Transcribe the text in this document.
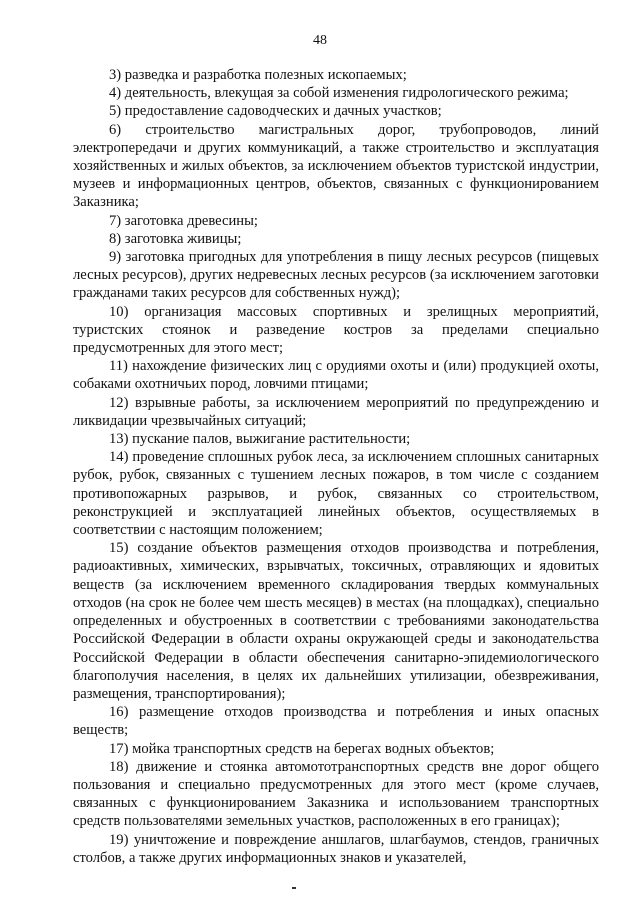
48

3) разведка и разработка полезных ископаемых;

4) деятельность, влекущая за собой изменения гидрологического режима;

5) предоставление садоводческих и дачных участков;

6) строительство магистральных дорог, трубопроводов, линий электропередачи и других коммуникаций, а также строительство и эксплуатация хозяйственных и жилых объектов, за исключением объектов туристской индустрии, музеев и информационных центров, объектов, связанных с функционированием Заказника;

7) заготовка древесины;

8) заготовка живицы;

9) заготовка пригодных для употребления в пищу лесных ресурсов (пищевых лесных ресурсов), других недревесных лесных ресурсов (за исключением заготовки гражданами таких ресурсов для собственных нужд);

10) организация массовых спортивных и зрелищных мероприятий, туристских стоянок и разведение костров за пределами специально предусмотренных для этого мест;

11) нахождение физических лиц с орудиями охоты и (или) продукцией охоты, собаками охотничьих пород, ловчими птицами;

12) взрывные работы, за исключением мероприятий по предупреждению и ликвидации чрезвычайных ситуаций;

13) пускание палов, выжигание растительности;

14) проведение сплошных рубок леса, за исключением сплошных санитарных рубок, рубок, связанных с тушением лесных пожаров, в том числе с созданием противопожарных разрывов, и рубок, связанных со строительством, реконструкцией и эксплуатацией линейных объектов, осуществляемых в соответствии с настоящим положением;

15) создание объектов размещения отходов производства и потребления, радиоактивных, химических, взрывчатых, токсичных, отравляющих и ядовитых веществ (за исключением временного складирования твердых коммунальных отходов (на срок не более чем шесть месяцев) в местах (на площадках), специально определенных и обустроенных в соответствии с требованиями законодательства Российской Федерации в области охраны окружающей среды и законодательства Российской Федерации в области обеспечения санитарно-эпидемиологического благополучия населения, в целях их дальнейших утилизации, обезвреживания, размещения, транспортирования);

16) размещение отходов производства и потребления и иных опасных веществ;

17) мойка транспортных средств на берегах водных объектов;

18) движение и стоянка автомототранспортных средств вне дорог общего пользования и специально предусмотренных для этого мест (кроме случаев, связанных с функционированием Заказника и использованием транспортных средств пользователями земельных участков, расположенных в его границах);

19) уничтожение и повреждение аншлагов, шлагбаумов, стендов, граничных столбов, а также других информационных знаков и указателей,
